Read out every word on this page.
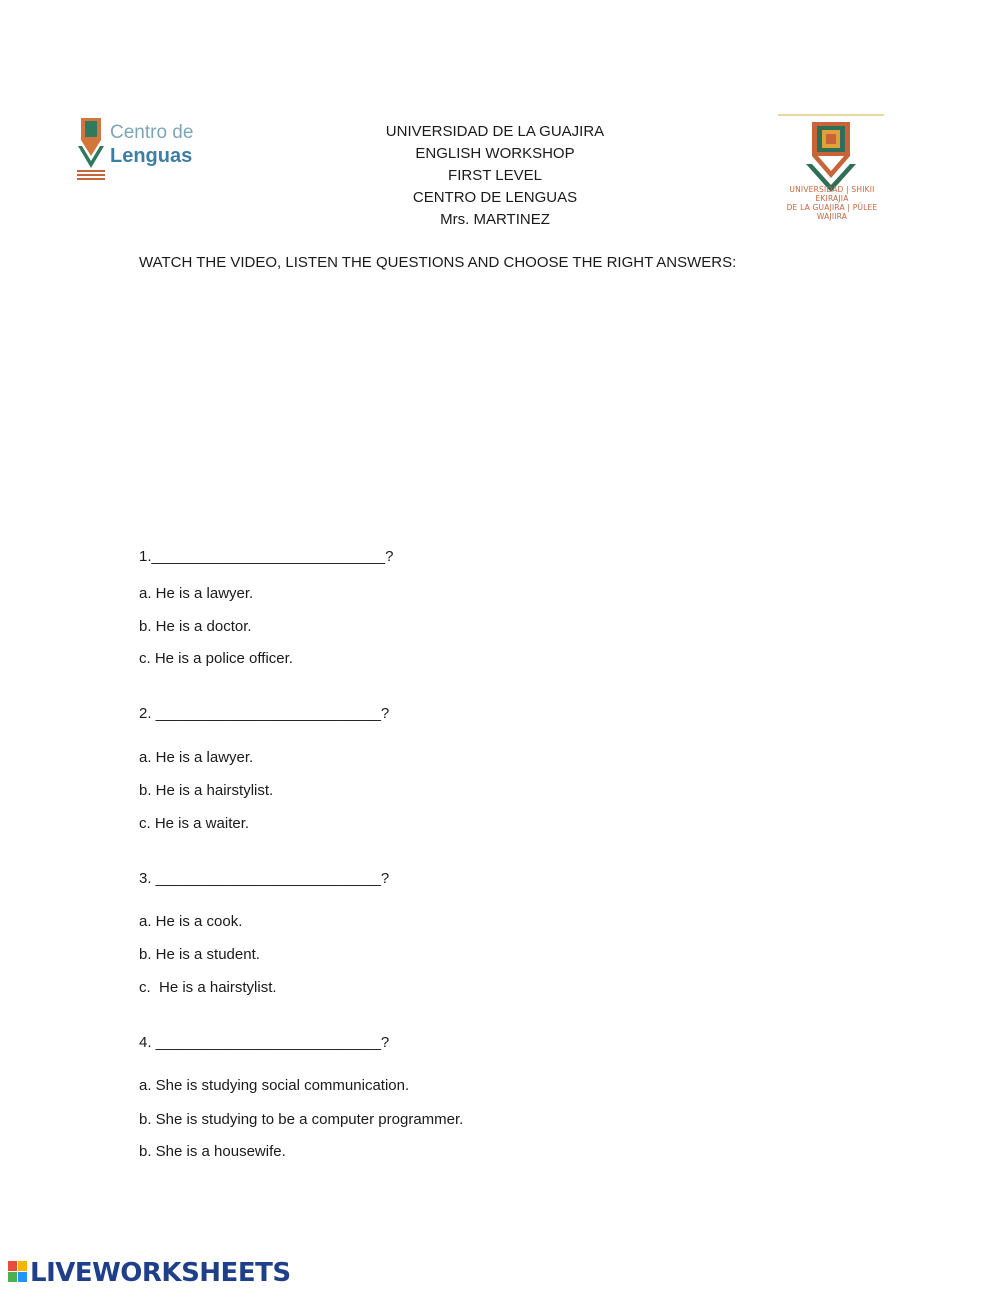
Centro de
Lenguas
UNIVERSIDAD DE LA GUAJIRA
ENGLISH WORKSHOP
FIRST LEVEL
CENTRO DE LENGUAS
Mrs. MARTINEZ
UNIVERSIDAD | SHIKII EKIRAJIA
DE LA GUAJIRA | PÜLEE WAJIIRA
WATCH THE VIDEO, LISTEN THE QUESTIONS AND CHOOSE THE RIGHT ANSWERS:
1.____________________________?
a. He is a lawyer.
b. He is a doctor.
c. He is a police officer.
2. ___________________________?
a. He is a lawyer.
b. He is a hairstylist.
c. He is a waiter.
3. ___________________________?
a. He is a cook.
b. He is a student.
c.  He is a hairstylist.
4. ___________________________?
a. She is studying social communication.
b. She is studying to be a computer programmer.
b. She is a housewife.
LIVEWORKSHEETS
